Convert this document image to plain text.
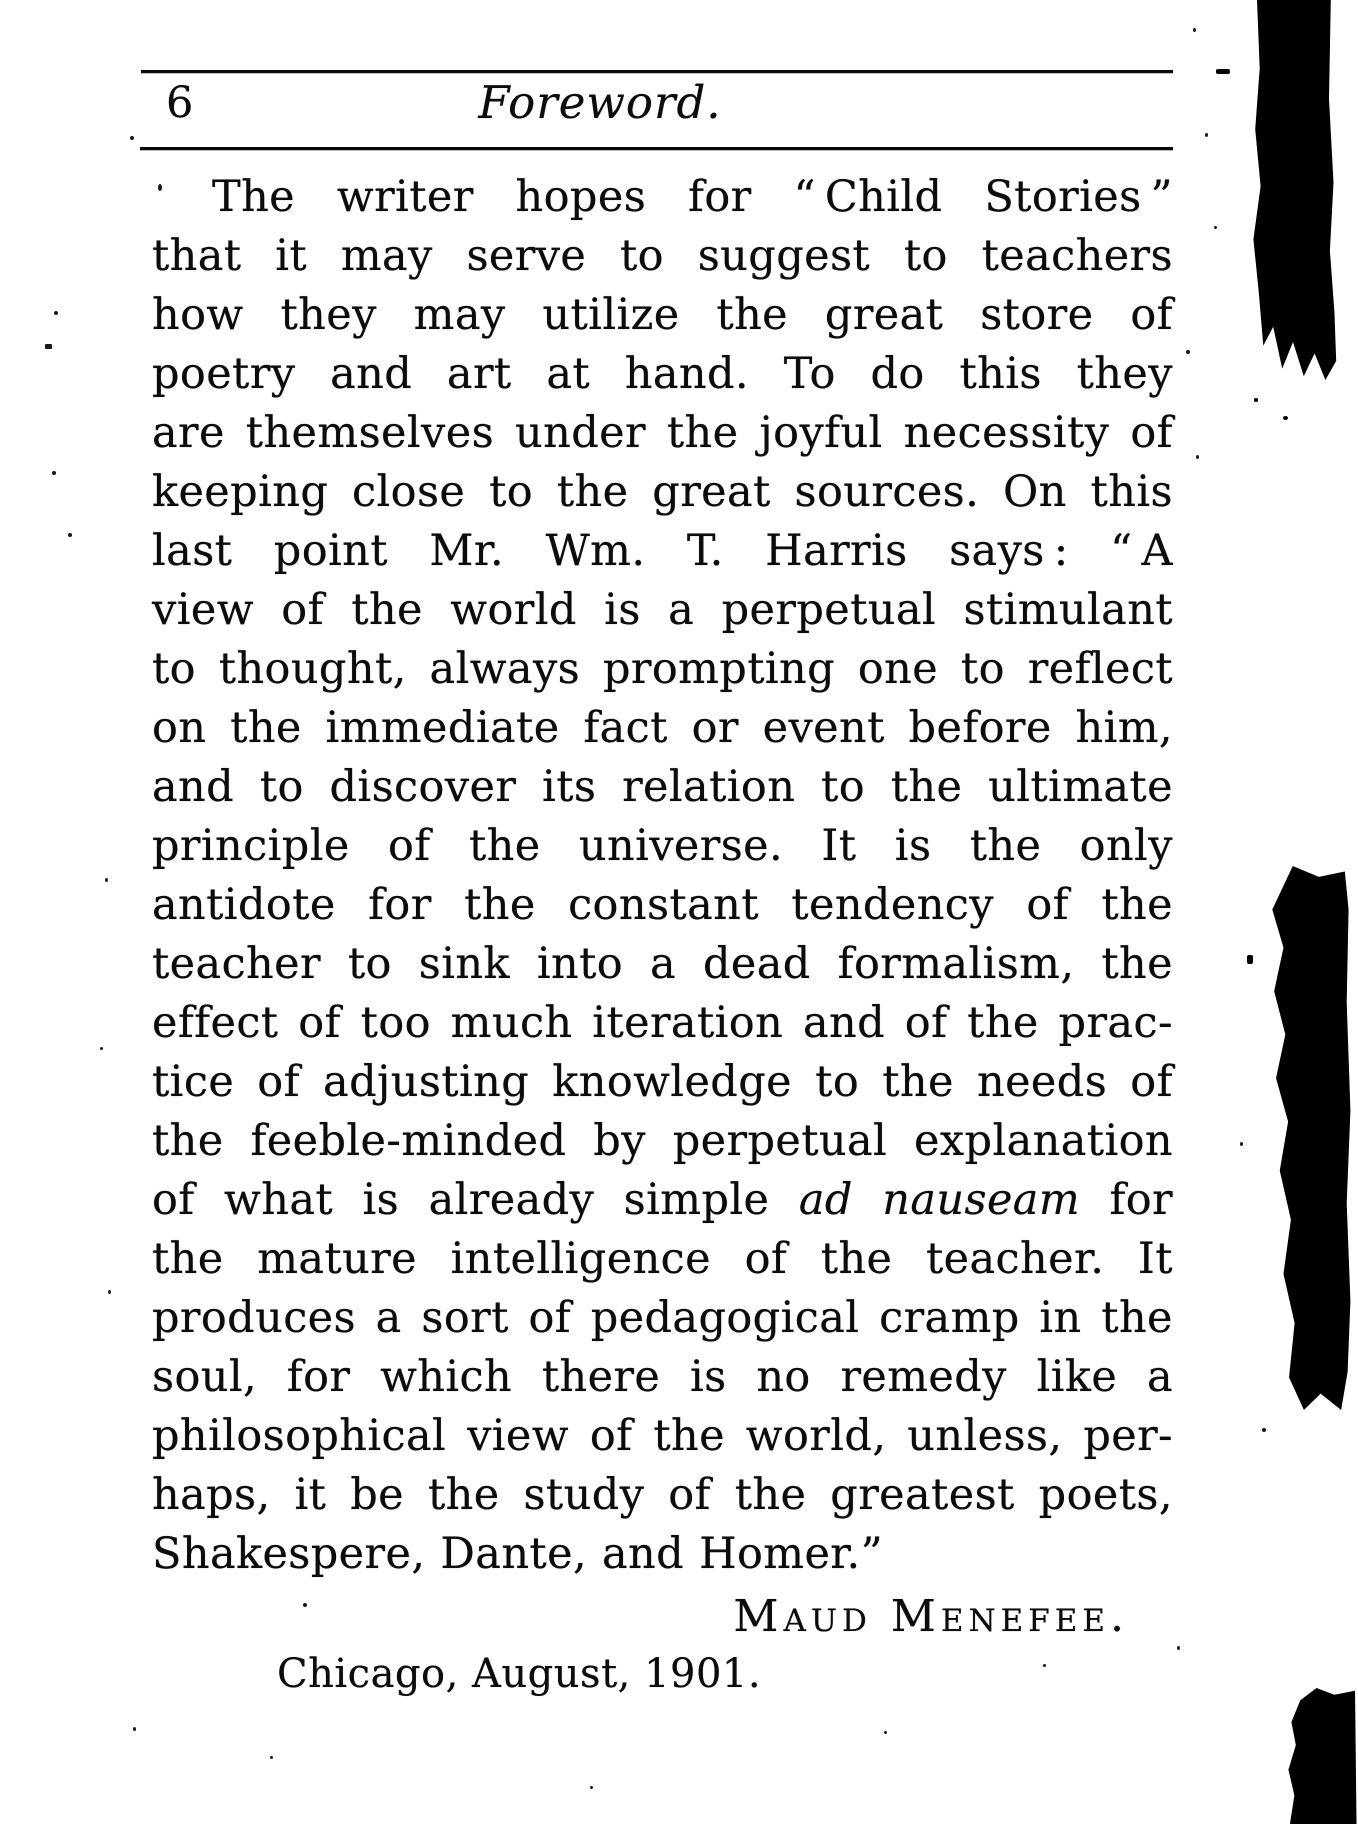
6	Foreword.
The writer hopes for “ Child Stories ”
that it may serve to suggest to teachers
how they may utilize the great store of
poetry and art at hand. To do this they
are themselves under the joyful necessity of
keeping close to the great sources. On this
last point Mr. Wm. T. Harris says : “ A
view of the world is a perpetual stimulant
to thought, always prompting one to reflect
on the immediate fact or event before him,
and to discover its relation to the ultimate
principle of the universe. It is the only
antidote for the constant tendency of the
teacher to sink into a dead formalism, the
effect of too much iteration and of the prac-
tice of adjusting knowledge to the needs of
the feeble-minded by perpetual explanation
of what is already simple ad nauseam for
the mature intelligence of the teacher. It
produces a sort of pedagogical cramp in the
soul, for which there is no remedy like a
philosophical view of the world, unless, per-
haps, it be the study of the greatest poets,
Shakespere, Dante, and Homer.”
Maud Menefee.
Chicago, August, 1901.
